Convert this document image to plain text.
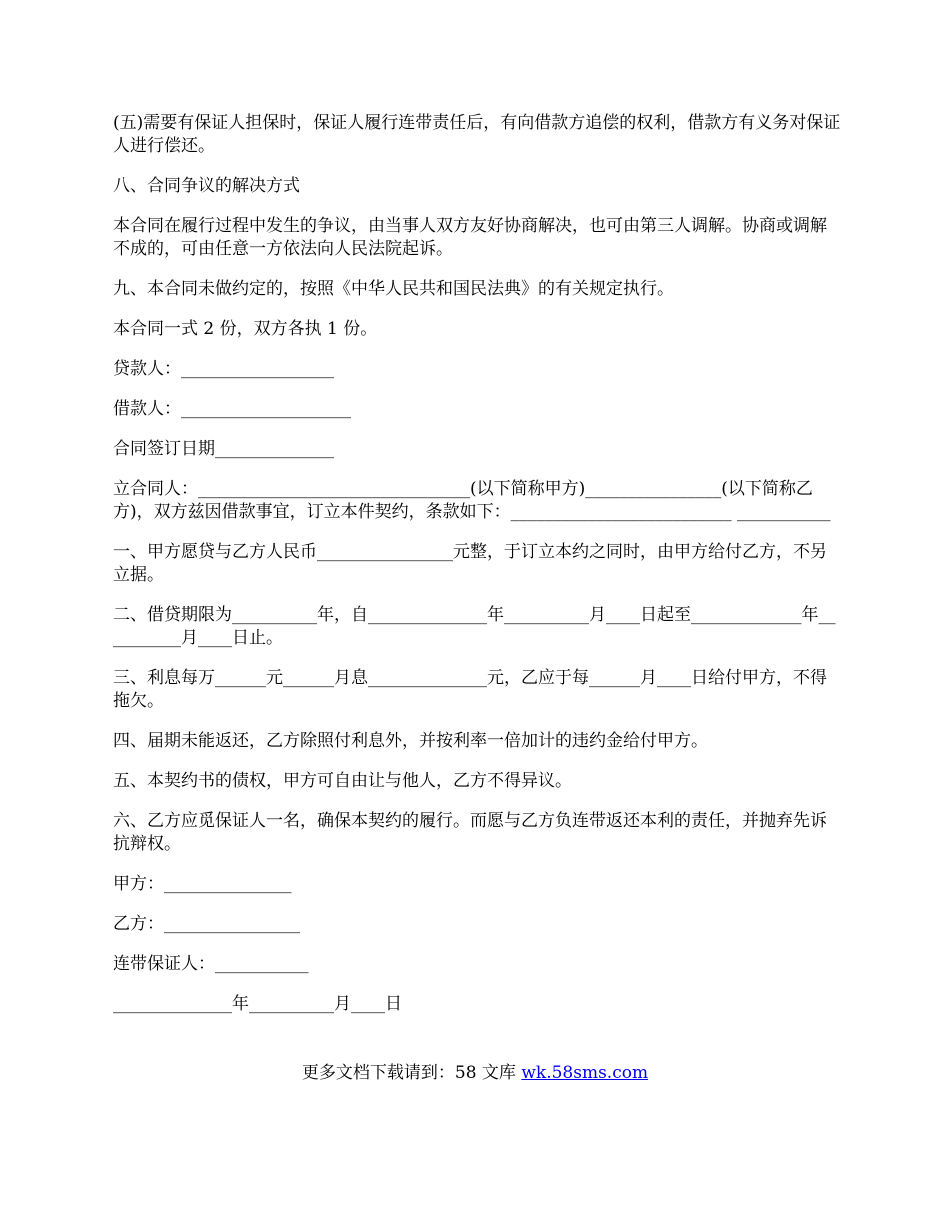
(五)需要有保证人担保时，保证人履行连带责任后，有向借款方追偿的权利，借款方有义务对保证人进行偿还。

八、合同争议的解决方式

本合同在履行过程中发生的争议，由当事人双方友好协商解决，也可由第三人调解。协商或调解不成的，可由任意一方依法向人民法院起诉。

九、本合同未做约定的，按照《中华人民共和国民法典》的有关规定执行。

本合同一式 2 份，双方各执 1 份。

贷款人：__________________

借款人：____________________

合同签订日期______________

立合同人：________________________________(以下简称甲方)________________(以下简称乙方)，双方兹因借款事宜，订立本件契约，条款如下：__________________________ ___________

一、甲方愿贷与乙方人民币________________元整，于订立本约之同时，由甲方给付乙方，不另立据。

二、借贷期限为__________年，自______________年__________月____日起至_____________年__________月____日止。

三、利息每万______元______月息______________元，乙应于每______月____日给付甲方，不得拖欠。

四、届期未能返还，乙方除照付利息外，并按利率一倍加计的违约金给付甲方。

五、本契约书的债权，甲方可自由让与他人，乙方不得异议。

六、乙方应觅保证人一名，确保本契约的履行。而愿与乙方负连带返还本利的责任，并抛弃先诉抗辩权。

甲方：_______________

乙方：________________

连带保证人：___________

______________年__________月____日

更多文档下载请到：58 文库 wk.58sms.com
